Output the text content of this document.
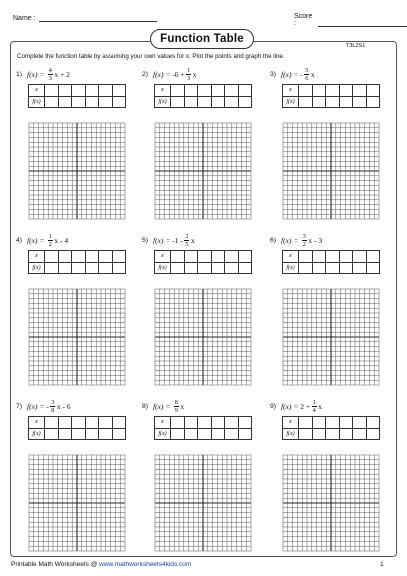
Name :	Score :
Function Table
T3L2S1
Complete the function table by assuming your own values for x. Plot the points and graph the line.
1) f(x) =
$\frac{4}{3}$ x + 2
x						
f(x)						
2) f(x) =
$-6 + \frac{1}{3}$ x
x						
f(x)						
3) f(x) =
- $\frac{5}{6}$ x
x						
f(x)						
4) f(x) =
$\frac{1}{2}$ x - 4
x						
f(x)						
5) f(x) =
$-1 - \frac{2}{5}$ x
x						
f(x)						
6) f(x) =
$\frac{3}{2}$ x - 3
x						
f(x)						
7) f(x) =
- $\frac{3}{8}$ x - 6
x						
f(x)						
8) f(x) =
$\frac{8}{9}$ x
x						
f(x)						
9) f(x) =
$2 + \frac{1}{4}$ x
x						
f(x)						
Printable Math Worksheets @ www.mathworksheets4kids.com	1
